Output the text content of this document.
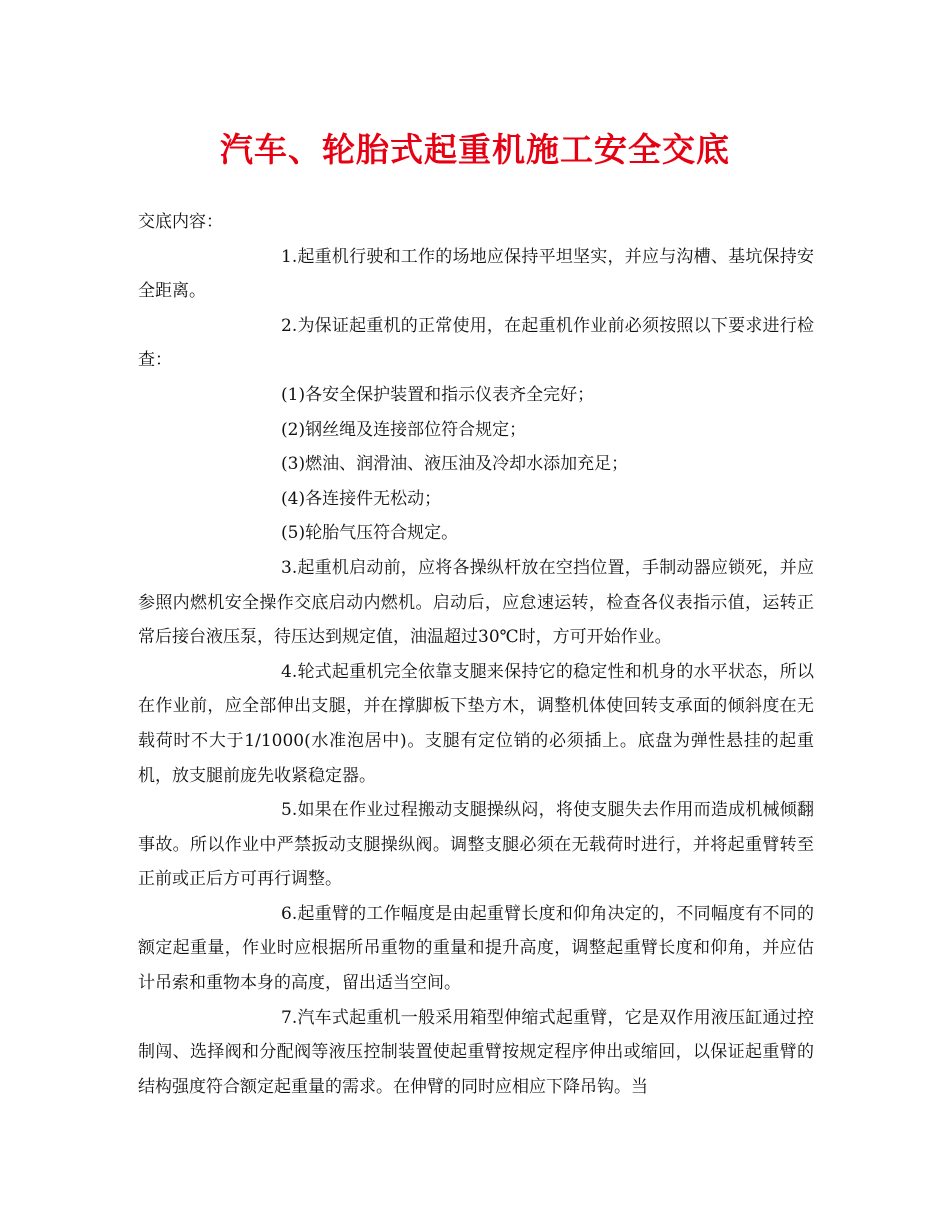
汽车、轮胎式起重机施工安全交底

交底内容：

1.起重机行驶和工作的场地应保持平坦坚实，并应与沟槽、基坑保持安全距离。

2.为保证起重机的正常使用，在起重机作业前必须按照以下要求进行检查：

(1)各安全保护装置和指示仪表齐全完好；

(2)钢丝绳及连接部位符合规定；

(3)燃油、润滑油、液压油及冷却水添加充足；

(4)各连接件无松动；

(5)轮胎气压符合规定。

3.起重机启动前，应将各操纵杆放在空挡位置，手制动器应锁死，并应参照内燃机安全操作交底启动内燃机。启动后，应怠速运转，检查各仪表指示值，运转正常后接台液压泵，待压达到规定值，油温超过30℃时，方可开始作业。

4.轮式起重机完全依靠支腿来保持它的稳定性和机身的水平状态，所以在作业前，应全部伸出支腿，并在撑脚板下垫方木，调整机体使回转支承面的倾斜度在无载荷时不大于1/1000(水准泡居中)。支腿有定位销的必须插上。底盘为弹性悬挂的起重机，放支腿前庞先收紧稳定器。

5.如果在作业过程搬动支腿操纵闷，将使支腿失去作用而造成机械倾翻事故。所以作业中严禁扳动支腿操纵阀。调整支腿必须在无载荷时进行，并将起重臂转至正前或正后方可再行调整。

6.起重臂的工作幅度是由起重臂长度和仰角决定的，不同幅度有不同的额定起重量，作业时应根据所吊重物的重量和提升高度，调整起重臂长度和仰角，并应估计吊索和重物本身的高度，留出适当空间。

7.汽车式起重机一般采用箱型伸缩式起重臂，它是双作用液压缸通过控制闯、选择阀和分配阀等液压控制装置使起重臂按规定程序伸出或缩回，以保证起重臂的结构强度符合额定起重量的需求。在伸臂的同时应相应下降吊钩。当
